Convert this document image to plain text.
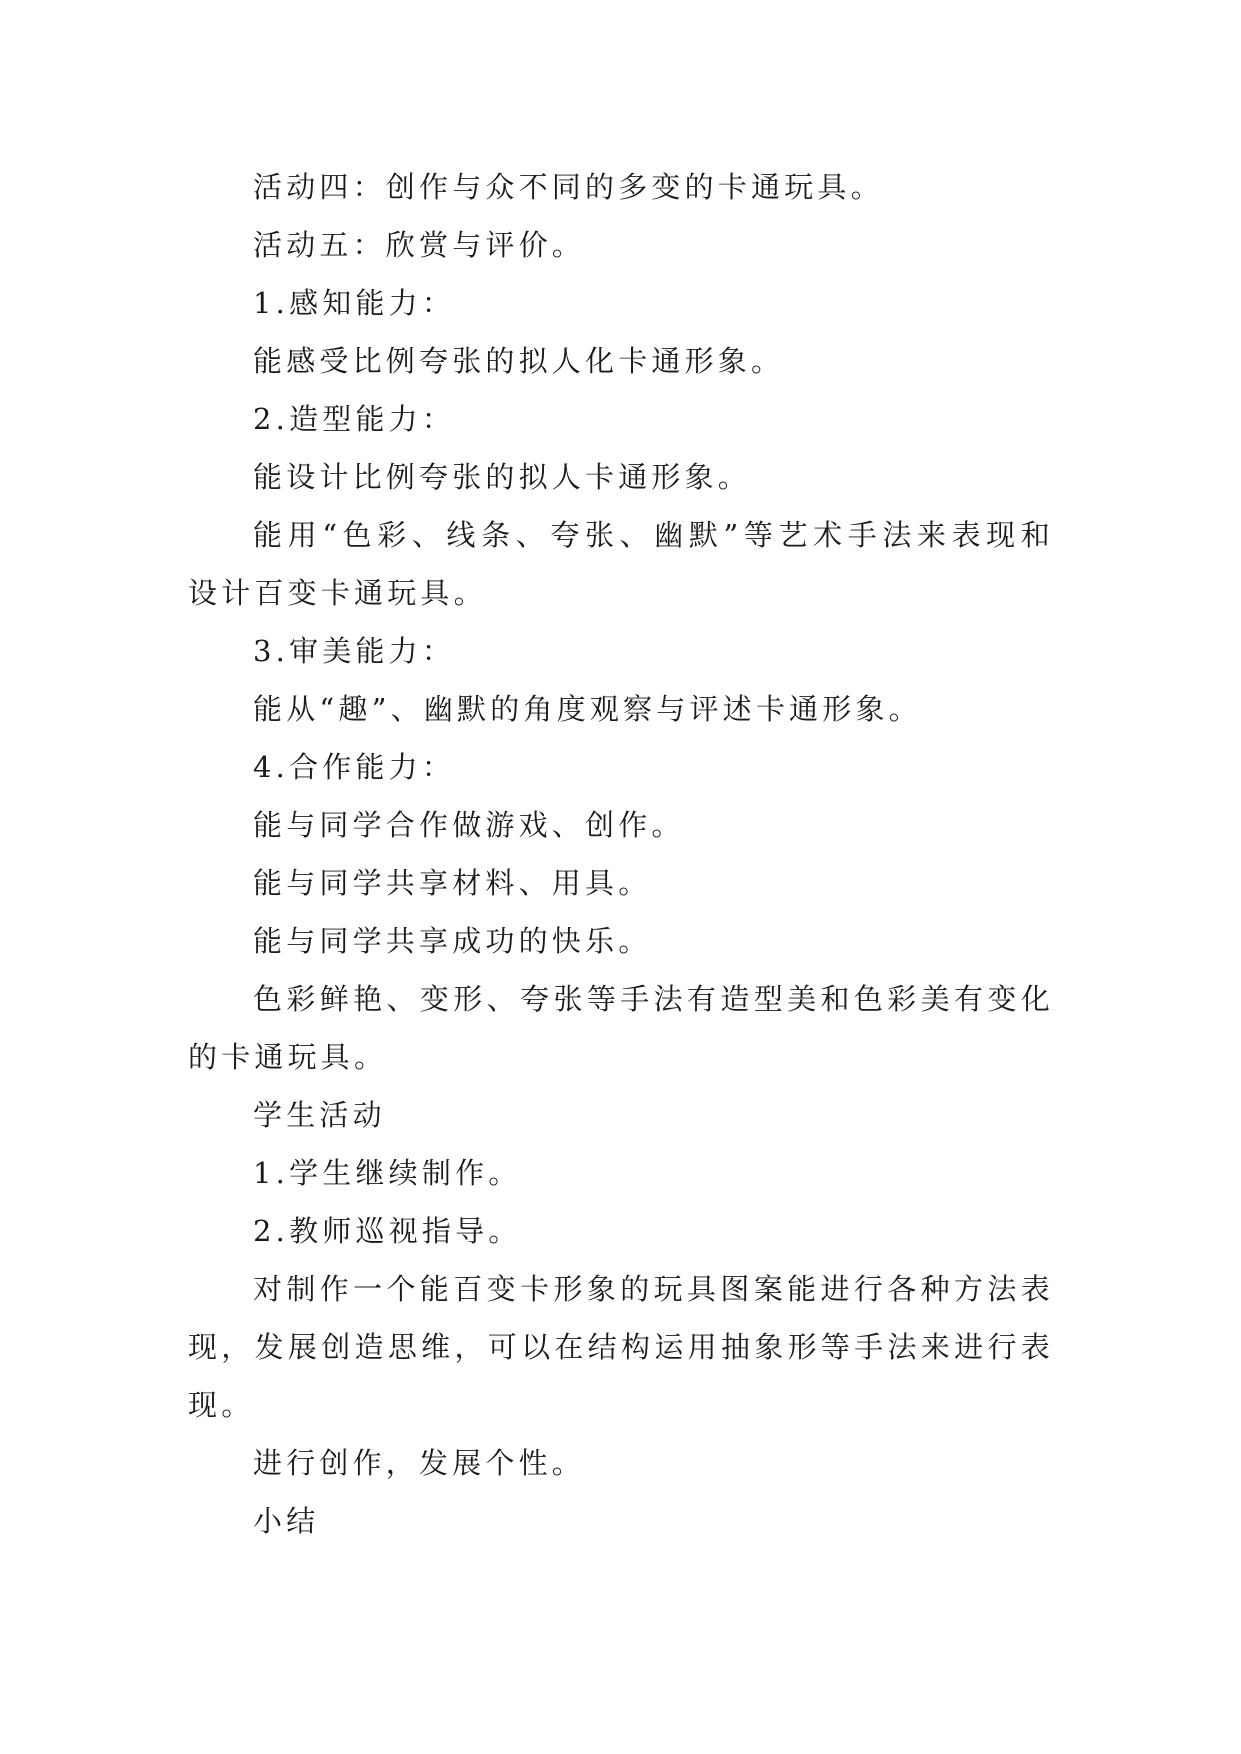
活动四：创作与众不同的多变的卡通玩具。

活动五：欣赏与评价。

1.感知能力：

能感受比例夸张的拟人化卡通形象。

2.造型能力：

能设计比例夸张的拟人卡通形象。

能用“色彩、线条、夸张、幽默”等艺术手法来表现和设计百变卡通玩具。

3.审美能力：

能从“趣”、幽默的角度观察与评述卡通形象。

4.合作能力：

能与同学合作做游戏、创作。

能与同学共享材料、用具。

能与同学共享成功的快乐。

色彩鲜艳、变形、夸张等手法有造型美和色彩美有变化的卡通玩具。

学生活动

1.学生继续制作。

2.教师巡视指导。

对制作一个能百变卡形象的玩具图案能进行各种方法表现，发展创造思维，可以在结构运用抽象形等手法来进行表现。

进行创作，发展个性。

小结
